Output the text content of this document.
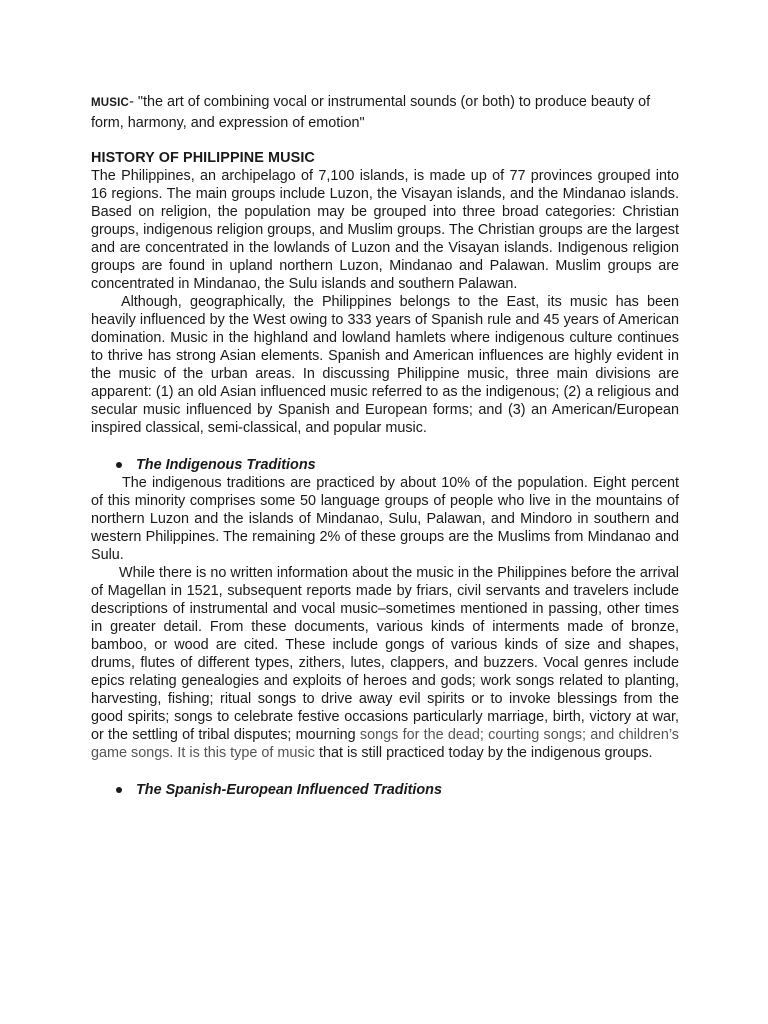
MUSIC- "the art of combining vocal or instrumental sounds (or both) to produce beauty of form, harmony, and expression of emotion"

HISTORY OF PHILIPPINE MUSIC

The Philippines, an archipelago of 7,100 islands, is made up of 77 provinces grouped into 16 regions. The main groups include Luzon, the Visayan islands, and the Mindanao islands. Based on religion, the population may be grouped into three broad categories: Christian groups, indigenous religion groups, and Muslim groups. The Christian groups are the largest and are concentrated in the lowlands of Luzon and the Visayan islands. Indigenous religion groups are found in upland northern Luzon, Mindanao and Palawan. Muslim groups are concentrated in Mindanao, the Sulu islands and southern Palawan.

Although, geographically, the Philippines belongs to the East, its music has been heavily influenced by the West owing to 333 years of Spanish rule and 45 years of American domination. Music in the highland and lowland hamlets where indigenous culture continues to thrive has strong Asian elements. Spanish and American influences are highly evident in the music of the urban areas. In discussing Philippine music, three main divisions are apparent: (1) an old Asian influenced music referred to as the indigenous; (2) a religious and secular music influenced by Spanish and European forms; and (3) an American/European inspired classical, semi-classical, and popular music.

The Indigenous Traditions

The indigenous traditions are practiced by about 10% of the population. Eight percent of this minority comprises some 50 language groups of people who live in the mountains of northern Luzon and the islands of Mindanao, Sulu, Palawan, and Mindoro in southern and western Philippines. The remaining 2% of these groups are the Muslims from Mindanao and Sulu.

While there is no written information about the music in the Philippines before the arrival of Magellan in 1521, subsequent reports made by friars, civil servants and travelers include descriptions of instrumental and vocal music–sometimes mentioned in passing, other times in greater detail. From these documents, various kinds of interments made of bronze, bamboo, or wood are cited. These include gongs of various kinds of size and shapes, drums, flutes of different types, zithers, lutes, clappers, and buzzers. Vocal genres include epics relating genealogies and exploits of heroes and gods; work songs related to planting, harvesting, fishing; ritual songs to drive away evil spirits or to invoke blessings from the good spirits; songs to celebrate festive occasions particularly marriage, birth, victory at war, or the settling of tribal disputes; mourning songs for the dead; courting songs; and children’s game songs. It is this type of music that is still practiced today by the indigenous groups.

The Spanish-European Influenced Traditions
